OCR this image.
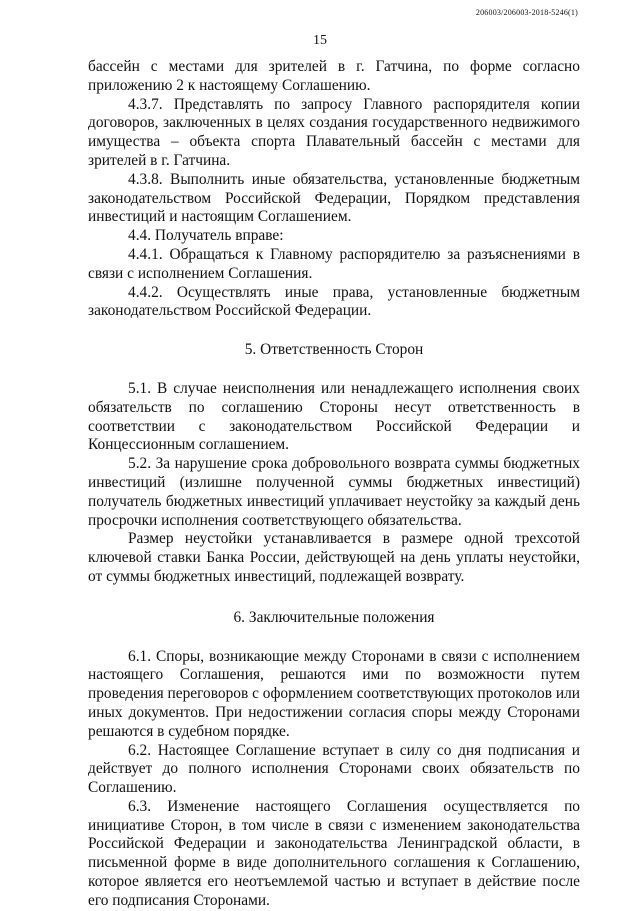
206003/206003-2018-5246(1)
15

бассейн с местами для зрителей в г. Гатчина, по форме согласно приложению 2 к настоящему Соглашению.

4.3.7. Представлять по запросу Главного распорядителя копии договоров, заключенных в целях создания государственного недвижимого имущества – объекта спорта Плавательный бассейн с местами для зрителей в г. Гатчина.

4.3.8. Выполнить иные обязательства, установленные бюджетным законодательством Российской Федерации, Порядком представления инвестиций и настоящим Соглашением.

4.4. Получатель вправе:

4.4.1. Обращаться к Главному распорядителю за разъяснениями в связи с исполнением Соглашения.

4.4.2. Осуществлять иные права, установленные бюджетным законодательством Российской Федерации.

5. Ответственность Сторон

5.1. В случае неисполнения или ненадлежащего исполнения своих обязательств по соглашению Стороны несут ответственность в соответствии с законодательством Российской Федерации и Концессионным соглашением.

5.2. За нарушение срока добровольного возврата суммы бюджетных инвестиций (излишне полученной суммы бюджетных инвестиций) получатель бюджетных инвестиций уплачивает неустойку за каждый день просрочки исполнения соответствующего обязательства.

Размер неустойки устанавливается в размере одной трехсотой ключевой ставки Банка России, действующей на день уплаты неустойки, от суммы бюджетных инвестиций, подлежащей возврату.

6. Заключительные положения

6.1. Споры, возникающие между Сторонами в связи с исполнением настоящего Соглашения, решаются ими по возможности путем проведения переговоров с оформлением соответствующих протоколов или иных документов. При недостижении согласия споры между Сторонами решаются в судебном порядке.

6.2. Настоящее Соглашение вступает в силу со дня подписания и действует до полного исполнения Сторонами своих обязательств по Соглашению.

6.3. Изменение настоящего Соглашения осуществляется по инициативе Сторон, в том числе в связи с изменением законодательства Российской Федерации и законодательства Ленинградской области, в письменной форме в виде дополнительного соглашения к Соглашению, которое является его неотъемлемой частью и вступает в действие после его подписания Сторонами.
